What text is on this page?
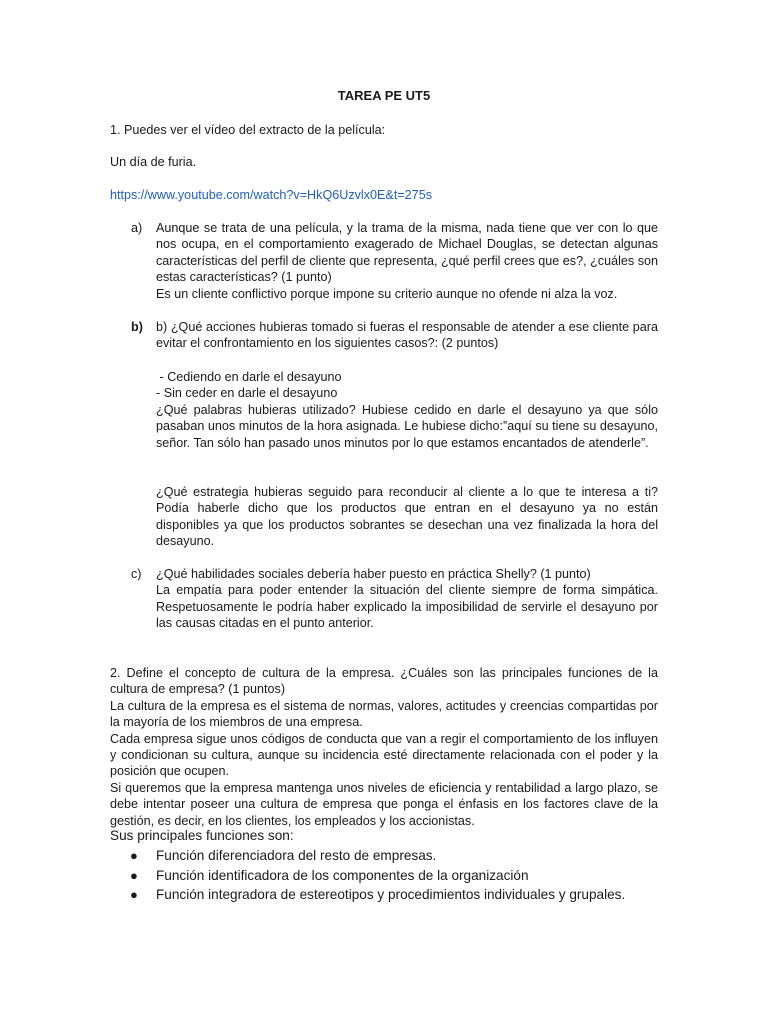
TAREA PE UT5
1. Puedes ver el vídeo del extracto de la película:
Un día de furia.
https://www.youtube.com/watch?v=HkQ6Uzvlx0E&t=275s
a)	Aunque se trata de una película, y la trama de la misma, nada tiene que ver con lo que nos ocupa, en el comportamiento exagerado de Michael Douglas, se detectan algunas características del perfil de cliente que representa, ¿qué perfil crees que es?, ¿cuáles son estas características? (1 punto)

Es un cliente conflictivo porque impone su criterio aunque no ofende ni alza la voz.

b)	b) ¿Qué acciones hubieras tomado si fueras el responsable de atender a ese cliente para evitar el confrontamiento en los siguientes casos?: (2 puntos)

- Cediendo en darle el desayuno

- Sin ceder en darle el desayuno

¿Qué palabras hubieras utilizado? Hubiese cedido en darle el desayuno ya que sólo pasaban unos minutos de la hora asignada. Le hubiese dicho:”aquí su tiene su desayuno, señor. Tan sólo han pasado unos minutos por lo que estamos encantados de atenderle”.

¿Qué estrategia hubieras seguido para reconducir al cliente a lo que te interesa a ti? Podía haberle dicho que los productos que entran en el desayuno ya no están disponibles ya que los productos sobrantes se desechan una vez finalizada la hora del desayuno.

c)	¿Qué habilidades sociales debería haber puesto en práctica Shelly? (1 punto)

La empatía para poder entender la situación del cliente siempre de forma simpática. Respetuosamente le podría haber explicado la imposibilidad de servirle el desayuno por las causas citadas en el punto anterior.

2. Define el concepto de cultura de la empresa. ¿Cuáles son las principales funciones de la cultura de empresa? (1 puntos)

La cultura de la empresa es el sistema de normas, valores, actitudes y creencias compartidas por la mayoría de los miembros de una empresa.

Cada empresa sigue unos códigos de conducta que van a regir el comportamiento de los influyen y condicionan su cultura, aunque su incidencia esté directamente relacionada con el poder y la posición que ocupen.

Si queremos que la empresa mantenga unos niveles de eficiencia y rentabilidad a largo plazo, se debe intentar poseer una cultura de empresa que ponga el énfasis en los factores clave de la gestión, es decir, en los clientes, los empleados y los accionistas.

Sus principales funciones son:
●	Función diferenciadora del resto de empresas.
●	Función identificadora de los componentes de la organización
●	Función integradora de estereotipos y procedimientos individuales y grupales.
